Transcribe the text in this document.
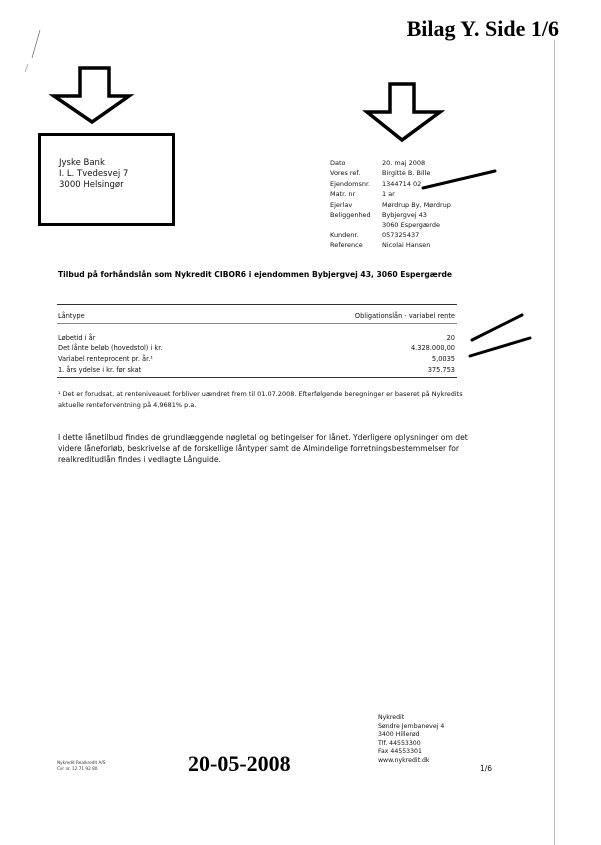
Bilag Y. Side 1/6
Jyske Bank
I. L. Tvedesvej 7
3000 Helsingør
Dato	20. maj 2008
Vores ref.	Birgitte B. Bille
Ejendomsnr. 1344714 02
Matr. nr	1 ar
Ejerlav	Mørdrup By, Mørdrup
Beliggenhed Bybjergvej 43
3060 Espergærde
Kundenr.	057325437
Reference	Nicolai Hansen
Tilbud på forhåndslån som Nykredit CIBOR6 i ejendommen Bybjergvej 43, 3060 Espergærde
Låntype	Obligationslån - variabel rente
Løbetid i år	20
Det lånte beløb (hovedstol) i kr.	4.328.000,00
Variabel renteprocent pr. år.¹	5,0035
1. års ydelse i kr. før skat	375.753
¹ Det er forudsat, at renteniveauet forbliver uændret frem til 01.07.2008. Efterfølgende beregninger er baseret på Nykredits aktuelle renteforventning på 4,9681% p.a.
I dette lånetilbud findes de grundlæggende nøgletal og betingelser for lånet. Yderligere oplysninger om det videre låneforløb, beskrivelse af de forskellige låntyper samt de Almindelige forretningsbestemmelser for realkreditudlån findes i vedlagte Långuide.
Nykredit
Søndre Jernbanevej 4
3400 Hillerød
Tlf. 44553300
Fax 44553301
www.nykredit.dk
Nykredit Realkredit A/S
Cvr nr. 12 71 92 80	20-05-2008	1/6
